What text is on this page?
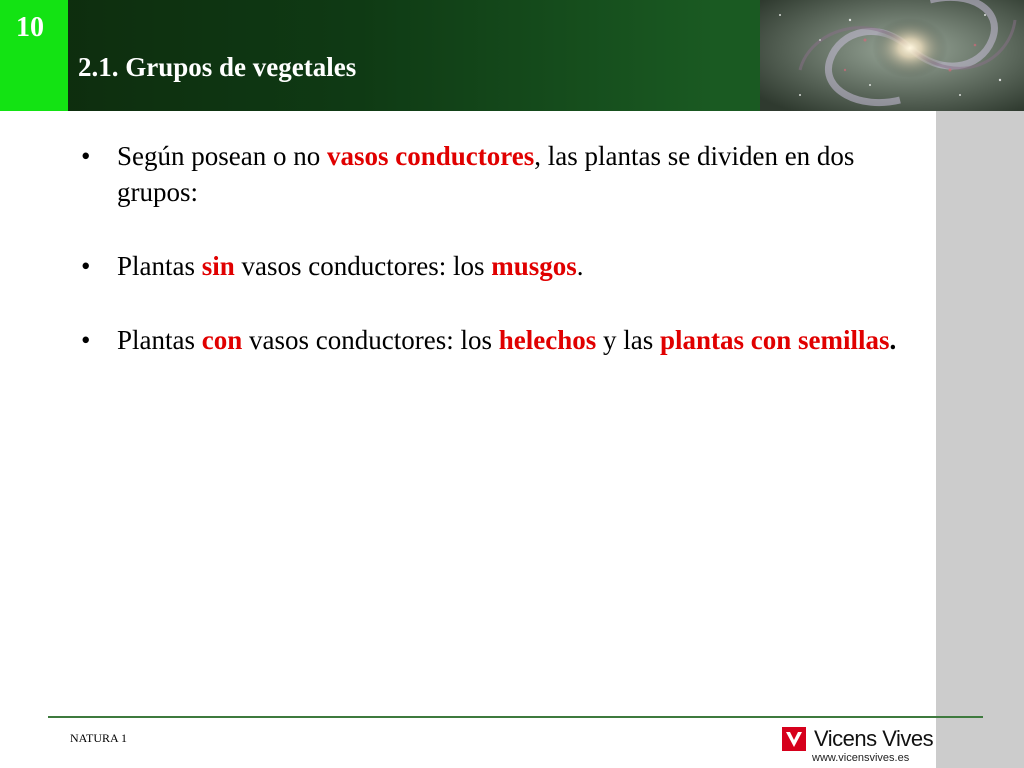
10
2.1. Grupos de vegetales
• Según posean o no vasos conductores, las plantas se dividen en dos grupos:
• Plantas sin vasos conductores: los musgos.
• Plantas con vasos conductores: los helechos y las plantas con semillas.
NATURA 1	Vicens Vives
www.vicensvives.es
